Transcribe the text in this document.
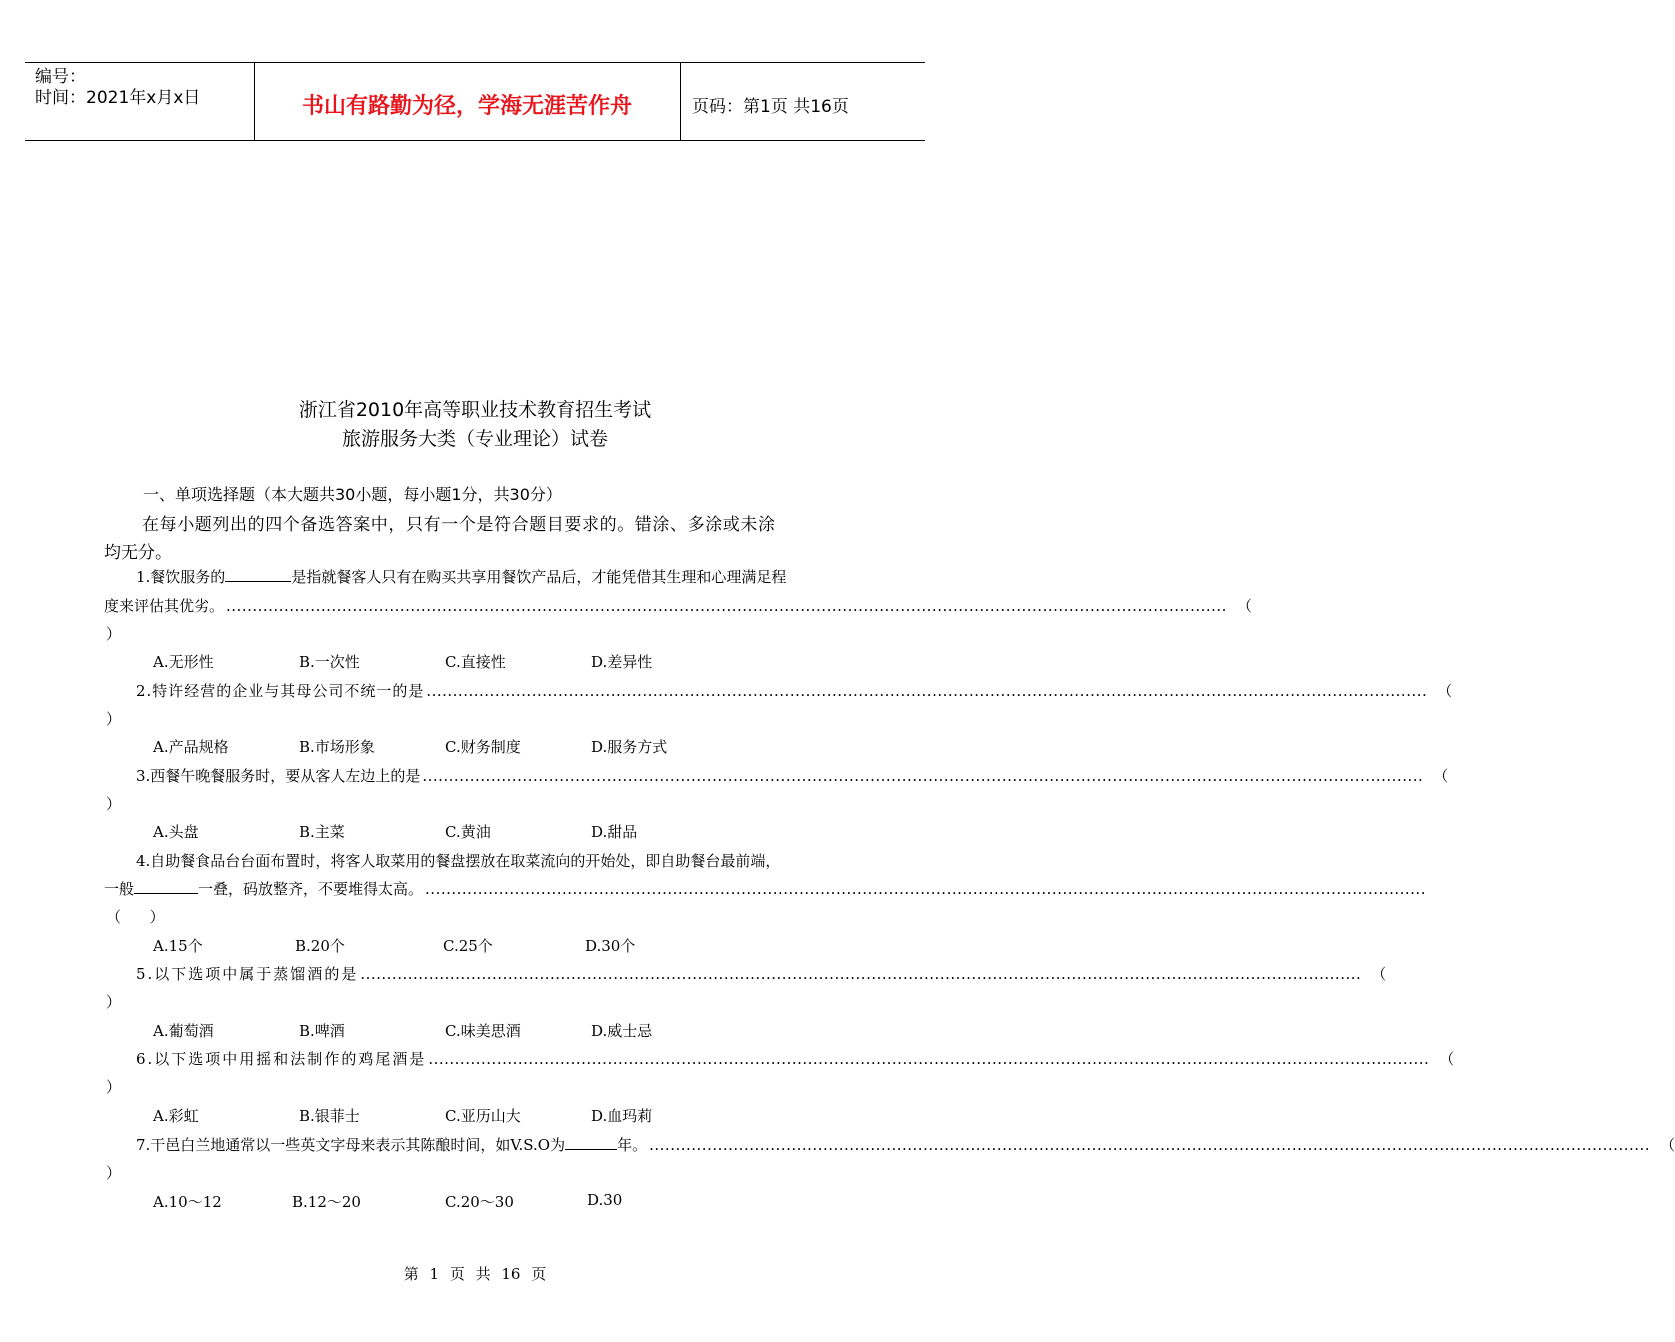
编号：
时间：2021年x月x日	书山有路勤为径，学海无涯苦作舟	页码：第1页 共16页
浙江省2010年高等职业技术教育招生考试
旅游服务大类（专业理论）试卷
一、单项选择题（本大题共30小题，每小题1分，共30分）
在每小题列出的四个备选答案中，只有一个是符合题目要求的。错涂、多涂或未涂
均无分。
1.餐饮服务的	是指就餐客人只有在购买共享用餐饮产品后，才能凭借其生理和心理满足程
度来评估其优劣。 .............................................................................................................................................................................................. （
）
A.无形性	B.一次性	C.直接性	D.差异性
2.特许经营的企业与其母公司不统一的是 .............................................................................................................................................................................................. （
）
A.产品规格	B.市场形象	C.财务制度	D.服务方式
3.西餐午晚餐服务时，要从客人左边上的是 .............................................................................................................................................................................................. （
）
A.头盘	B.主菜	C.黄油	D.甜品
4.自助餐食品台台面布置时，将客人取菜用的餐盘摆放在取菜流向的开始处，即自助餐台最前端，
一般	一叠，码放整齐，不要堆得太高。 ..............................................................................................................................................................................................
（      ）
A.15个	B.20个	C.25个	D.30个
5.以下选项中属于蒸馏酒的是 .............................................................................................................................................................................................. （
）
A.葡萄酒	B.啤酒	C.味美思酒	D.威士忌
6.以下选项中用摇和法制作的鸡尾酒是 .............................................................................................................................................................................................. （
）
A.彩虹	B.银菲士	C.亚历山大	D.血玛莉
7.干邑白兰地通常以一些英文字母来表示其陈酿时间，如V.S.O为	年。 .............................................................................................................................................................................................. （
）
A.10～12	B.12～20	C.20～30	D.30
第 1 页 共 16 页
